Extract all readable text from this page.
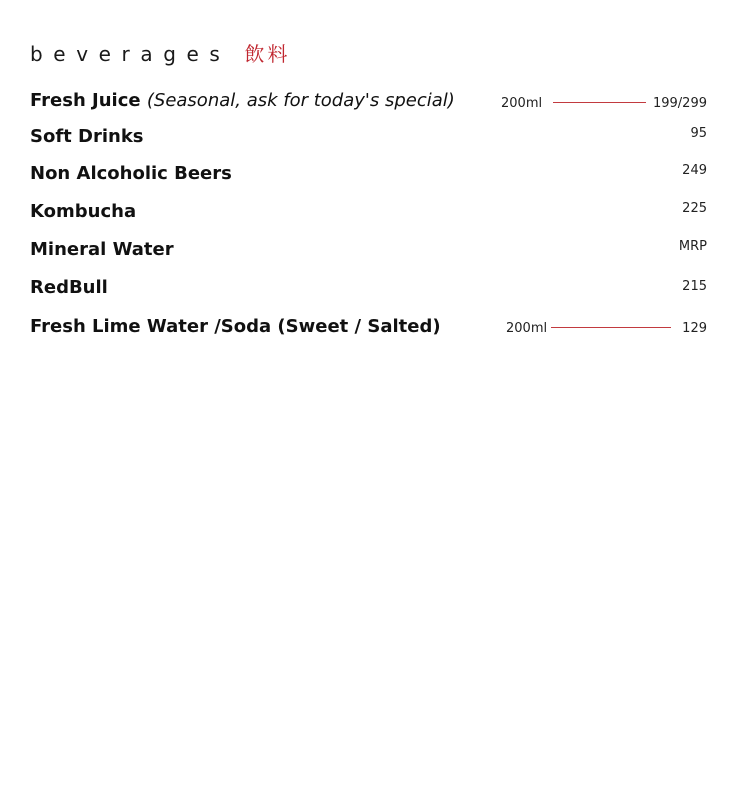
beverages 飲料
Fresh Juice (Seasonal, ask for today's special)	200ml	199/299
Soft Drinks	95
Non Alcoholic Beers	249
Kombucha	225
Mineral Water	MRP
RedBull	215
Fresh Lime Water /Soda (Sweet / Salted)	200ml	129
